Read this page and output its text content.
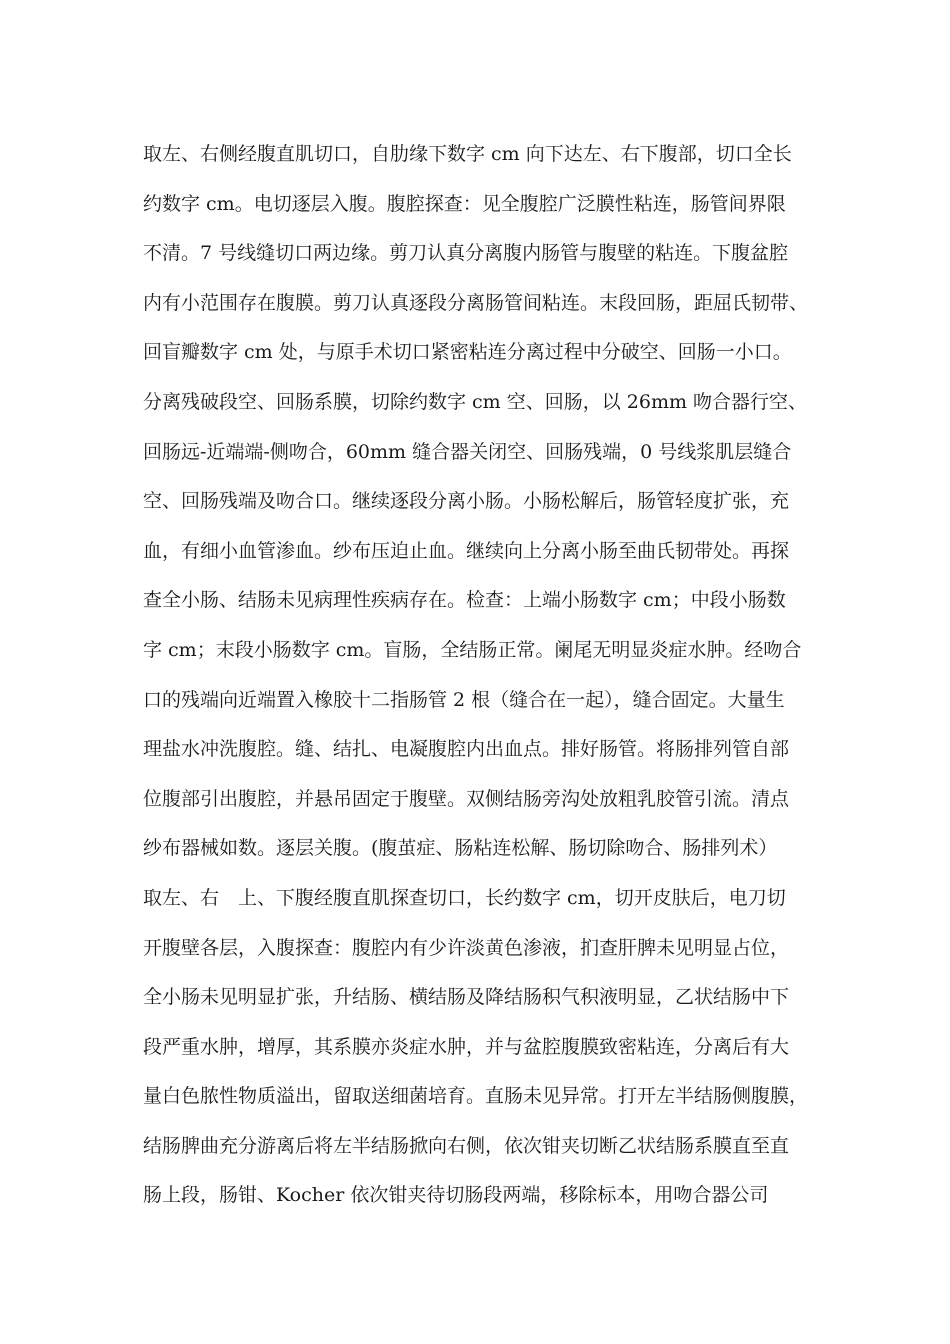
取左、右侧经腹直肌切口，自肋缘下数字 cm 向下达左、右下腹部，切口全长
约数字 cm。电切逐层入腹。腹腔探查：见全腹腔广泛膜性粘连，肠管间界限
不清。7 号线缝切口两边缘。剪刀认真分离腹内肠管与腹壁的粘连。下腹盆腔
内有小范围存在腹膜。剪刀认真逐段分离肠管间粘连。末段回肠，距屈氏韧带、
回盲瓣数字 cm 处，与原手术切口紧密粘连分离过程中分破空、回肠一小口。
分离残破段空、回肠系膜，切除约数字 cm 空、回肠，以 26mm 吻合器行空、
回肠远-近端端-侧吻合，60mm 缝合器关闭空、回肠残端，0 号线浆肌层缝合
空、回肠残端及吻合口。继续逐段分离小肠。小肠松解后，肠管轻度扩张，充
血，有细小血管渗血。纱布压迫止血。继续向上分离小肠至曲氏韧带处。再探
查全小肠、结肠未见病理性疾病存在。检查：上端小肠数字 cm；中段小肠数
字 cm；末段小肠数字 cm。盲肠，全结肠正常。阑尾无明显炎症水肿。经吻合
口的残端向近端置入橡胶十二指肠管 2 根（缝合在一起），缝合固定。大量生
理盐水冲洗腹腔。缝、结扎、电凝腹腔内出血点。排好肠管。将肠排列管自部
位腹部引出腹腔，并悬吊固定于腹壁。双侧结肠旁沟处放粗乳胶管引流。清点
纱布器械如数。逐层关腹。(腹茧症、肠粘连松解、肠切除吻合、肠排列术）
取左、右　上、下腹经腹直肌探查切口，长约数字 cm，切开皮肤后，电刀切
开腹壁各层，入腹探查：腹腔内有少许淡黄色渗液，扪查肝脾未见明显占位，
全小肠未见明显扩张，升结肠、横结肠及降结肠积气积液明显，乙状结肠中下
段严重水肿，增厚，其系膜亦炎症水肿，并与盆腔腹膜致密粘连，分离后有大
量白色脓性物质溢出，留取送细菌培育。直肠未见异常。打开左半结肠侧腹膜，
结肠脾曲充分游离后将左半结肠掀向右侧，依次钳夹切断乙状结肠系膜直至直
肠上段，肠钳、Kocher 依次钳夹待切肠段两端，移除标本，用吻合器公司
